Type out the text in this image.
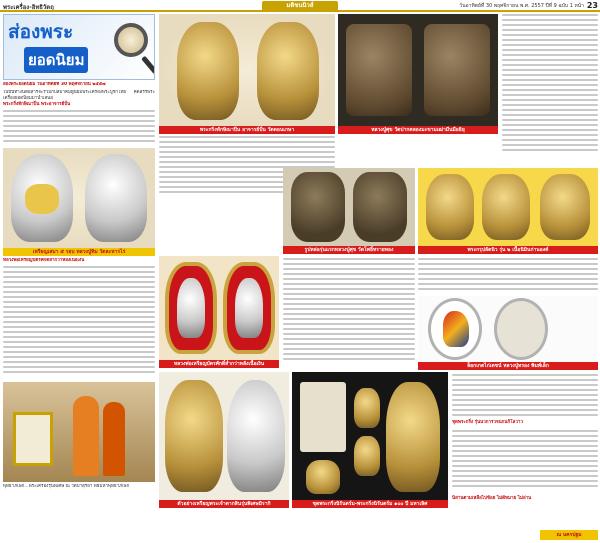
พระเครื่อง-อิทธิวัตถุ	มติชนนิวส์	วันอาทิตย์ที่ 30 พฤศจิกายน พ.ศ. 2557 ปีที่ 9 ฉบับ 1 หน้า 23
ส่องพระ
ยอดนิยม
ส่องพระยอดนิยม วันอาทิตย์ที่ 30 พฤศจิกายน ๒๕๕๗
ในปีนี้ทางนิตยสารจะร่วมกับสมาคมผู้นิยมพระเครื่องพระบูชาไทย คัดสรรพระเครื่องยอดนิยมมานำเสนอ
พระกริ่งทักษิณาปิ่น พระอาจารย์ปั่น
พระกริ่งทักษิณาปิ่น อาจารย์ปั่น วัดดอนเกษา	หลวงปู่ศุข วัดปากคลองมะขามเฒ่ามีนมีอธิยุ
เหรียญเสมา ๕ รอบ หลวงปู่ทิม วัดละหารไร่	รูปหล่อรุ่นแรกหลวงปู่ศุข วัดโพธิ์ทรายทอง	พระกรุปลัดนิว รุ่น ๒ เนื้อนิมินก่านองค์
หลวงพ่อเหรียญบัตรศักดิ์ส่ำกว่าหลังเนื้อเงิน
หลวงพ่อเหรียญบัตรศักดิ์ส่ำกว่าหลังเนื้อเงิน	ล็อกเกตไก่เดชน์ หลวงปู่ทรอง พิมพ์เล็ก
พุทธาภิเษก...พระเครื่องรุ่นพิเศษ ณ วัดป่าสุริยา พิธีมหาพุทธาภิเษก
ตัวอย่างเหรียญพระเจ้าตากสินรุ่นพิเศษมิรากิ	ชุดพระกริ่งนิรันตร์ม-พระกริ่งนิรันตร์ม ๑๐๐ ปี มหาเลิศ
ชุดพระกริ่ง รุ่นนวการวจนกนกิโลวาว
นิสานตามเหลือไปข้อย ไม่ดีหมาย ไม่อ่าน
ณ นครปฐม
